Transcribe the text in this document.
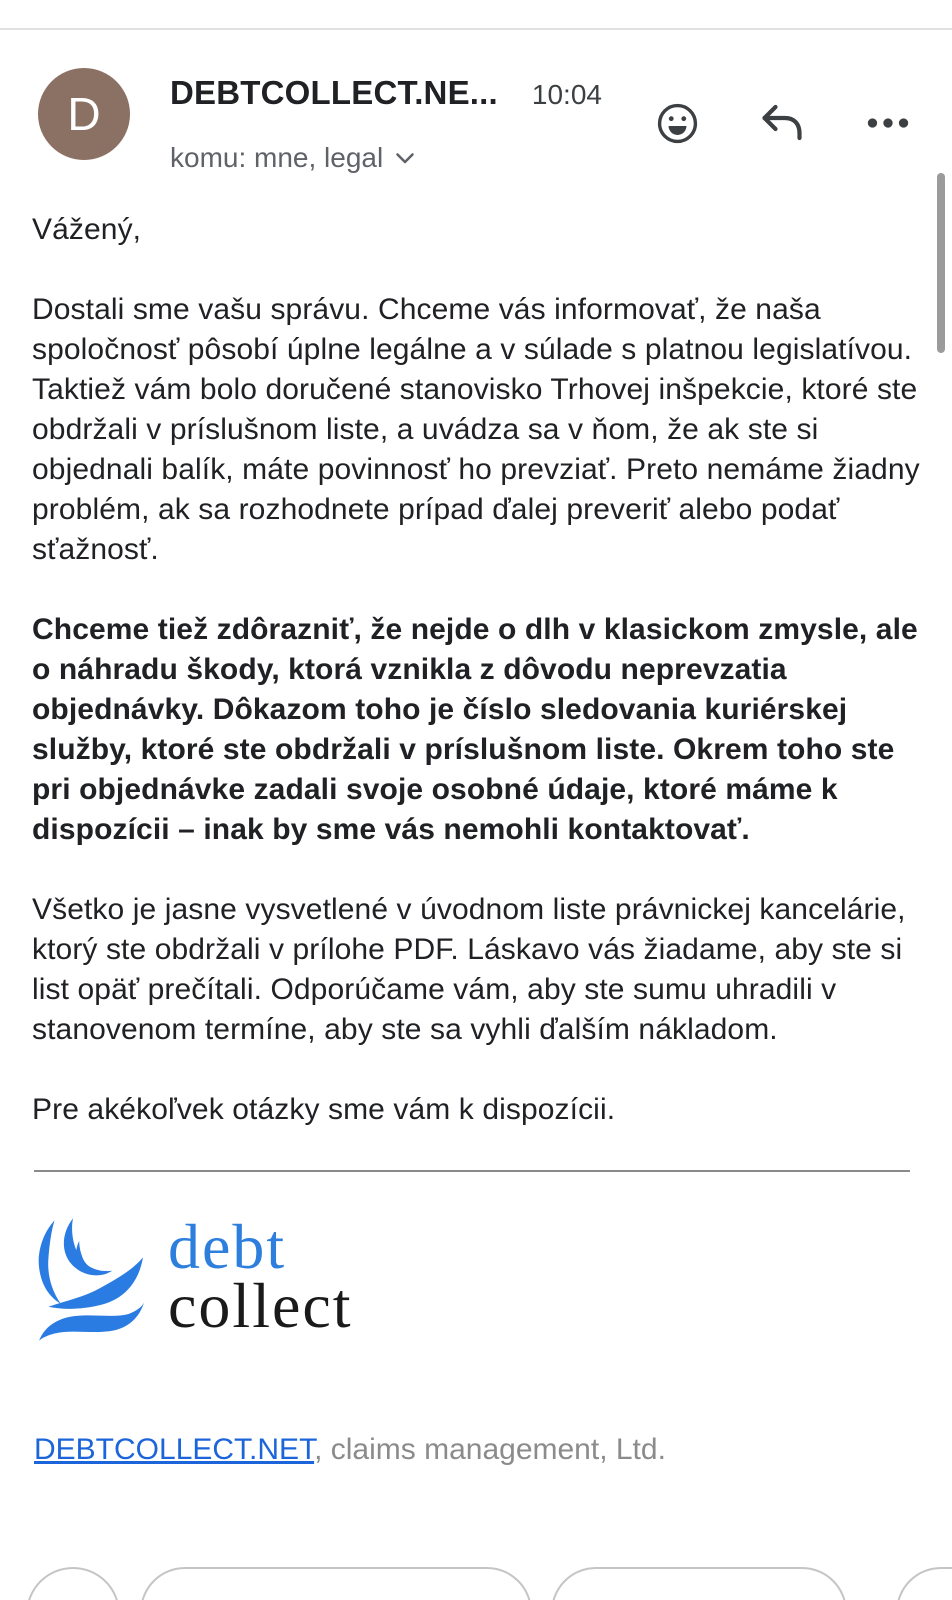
D DEBTCOLLECT.NE... 10:04
komu: mne, legal

Vážený,

Dostali sme vašu správu. Chceme vás informovať, že naša spoločnosť pôsobí úplne legálne a v súlade s platnou legislatívou. Taktiež vám bolo doručené stanovisko Trhovej inšpekcie, ktoré ste obdržali v príslušnom liste, a uvádza sa v ňom, že ak ste si objednali balík, máte povinnosť ho prevziať. Preto nemáme žiadny problém, ak sa rozhodnete prípad ďalej preveriť alebo podať sťažnosť.

Chceme tiež zdôrazniť, že nejde o dlh v klasickom zmysle, ale o náhradu škody, ktorá vznikla z dôvodu neprevzatia objednávky. Dôkazom toho je číslo sledovania kuriérskej služby, ktoré ste obdržali v príslušnom liste. Okrem toho ste pri objednávke zadali svoje osobné údaje, ktoré máme k dispozícii – inak by sme vás nemohli kontaktovať.

Všetko je jasne vysvetlené v úvodnom liste právnickej kancelárie, ktorý ste obdržali v prílohe PDF. Láskavo vás žiadame, aby ste si list opäť prečítali. Odporúčame vám, aby ste sumu uhradili v stanovenom termíne, aby ste sa vyhli ďalším nákladom.

Pre akékoľvek otázky sme vám k dispozícii.

debt
collect

DEBTCOLLECT.NET, claims management, Ltd.
